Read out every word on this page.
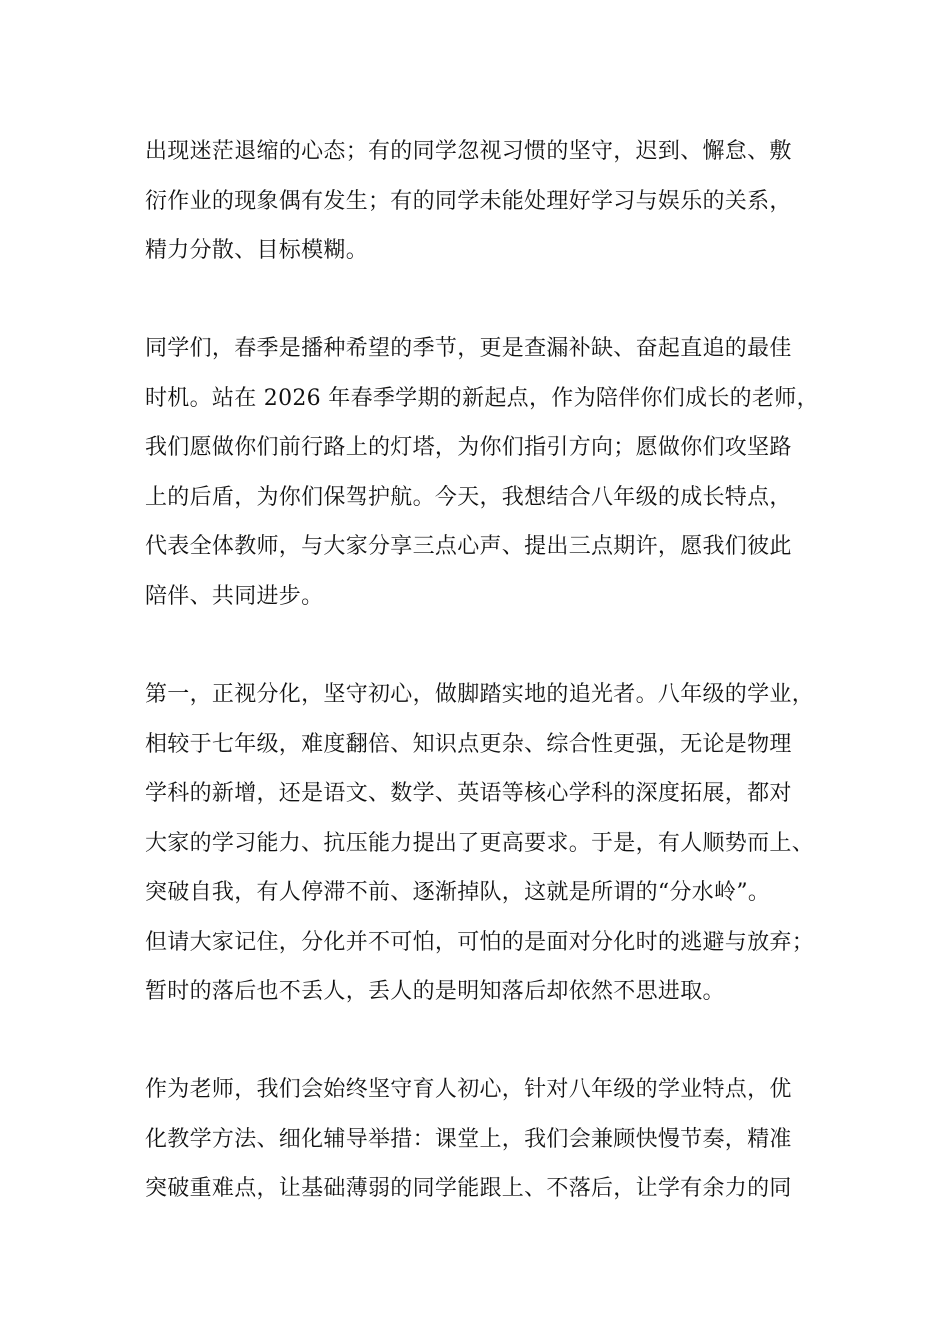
出现迷茫退缩的心态；有的同学忽视习惯的坚守，迟到、懈怠、敷
衍作业的现象偶有发生；有的同学未能处理好学习与娱乐的关系，
精力分散、目标模糊。
同学们，春季是播种希望的季节，更是查漏补缺、奋起直追的最佳
时机。站在 2026 年春季学期的新起点，作为陪伴你们成长的老师，
我们愿做你们前行路上的灯塔，为你们指引方向；愿做你们攻坚路
上的后盾，为你们保驾护航。今天，我想结合八年级的成长特点，
代表全体教师，与大家分享三点心声、提出三点期许，愿我们彼此
陪伴、共同进步。
第一，正视分化，坚守初心，做脚踏实地的追光者。八年级的学业，
相较于七年级，难度翻倍、知识点更杂、综合性更强，无论是物理
学科的新增，还是语文、数学、英语等核心学科的深度拓展，都对
大家的学习能力、抗压能力提出了更高要求。于是，有人顺势而上、
突破自我，有人停滞不前、逐渐掉队，这就是所谓的“分水岭”。
但请大家记住，分化并不可怕，可怕的是面对分化时的逃避与放弃；
暂时的落后也不丢人，丢人的是明知落后却依然不思进取。
作为老师，我们会始终坚守育人初心，针对八年级的学业特点，优
化教学方法、细化辅导举措：课堂上，我们会兼顾快慢节奏，精准
突破重难点，让基础薄弱的同学能跟上、不落后，让学有余力的同
